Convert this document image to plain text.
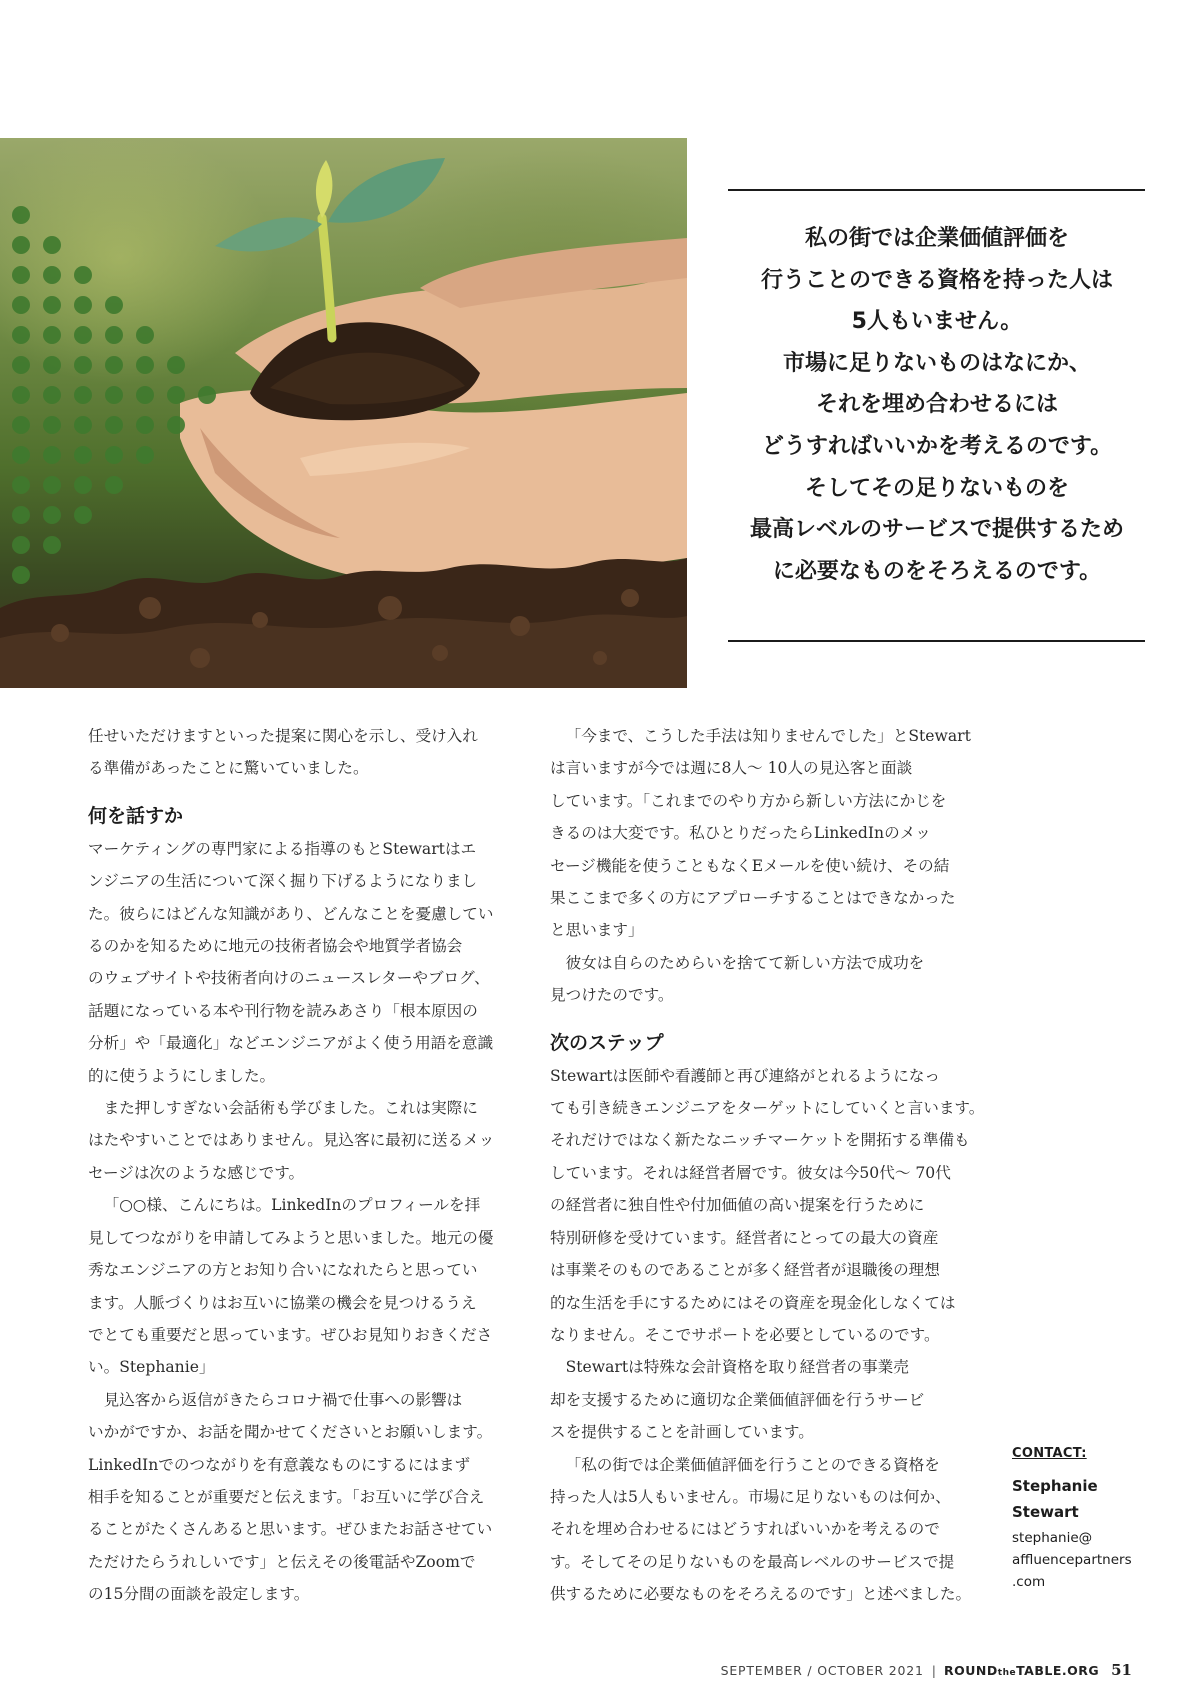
私の街では企業価値評価を
行うことのできる資格を持った人は
5人もいません。
市場に足りないものはなにか、
それを埋め合わせるには
どうすればいいかを考えるのです。
そしてその足りないものを
最高レベルのサービスで提供するため
に必要なものをそろえるのです。

任せいただけますといった提案に関心を示し、受け入れ
る準備があったことに驚いていました。

何を話すか

マーケティングの専門家による指導のもとStewartはエ
ンジニアの生活について深く掘り下げるようになりまし
た。彼らにはどんな知識があり、どんなことを憂慮してい
るのかを知るために地元の技術者協会や地質学者協会
のウェブサイトや技術者向けのニュースレターやブログ、
話題になっている本や刊行物を読みあさり「根本原因の
分析」や「最適化」などエンジニアがよく使う用語を意識
的に使うようにしました。

また押しすぎない会話術も学びました。これは実際に
はたやすいことではありません。見込客に最初に送るメッ
セージは次のような感じです。

「○○様、こんにちは。LinkedInのプロフィールを拝
見してつながりを申請してみようと思いました。地元の優
秀なエンジニアの方とお知り合いになれたらと思ってい
ます。人脈づくりはお互いに協業の機会を見つけるうえ
でとても重要だと思っています。ぜひお見知りおきくださ
い。Stephanie」

見込客から返信がきたらコロナ禍で仕事への影響は
いかがですか、お話を聞かせてくださいとお願いします。
LinkedInでのつながりを有意義なものにするにはまず
相手を知ることが重要だと伝えます。「お互いに学び合え
ることがたくさんあると思います。ぜひまたお話させてい
ただけたらうれしいです」と伝えその後電話やZoomで
の15分間の面談を設定します。

「今まで、こうした手法は知りませんでした」とStewart
は言いますが今では週に8人〜 10人の見込客と面談
しています。「これまでのやり方から新しい方法にかじを
きるのは大変です。私ひとりだったらLinkedInのメッ
セージ機能を使うこともなくEメールを使い続け、その結
果ここまで多くの方にアプローチすることはできなかった
と思います」

彼女は自らのためらいを捨てて新しい方法で成功を
見つけたのです。

次のステップ

Stewartは医師や看護師と再び連絡がとれるようになっ
ても引き続きエンジニアをターゲットにしていくと言います。
それだけではなく新たなニッチマーケットを開拓する準備も
しています。それは経営者層です。彼女は今50代〜 70代
の経営者に独自性や付加価値の高い提案を行うために
特別研修を受けています。経営者にとっての最大の資産
は事業そのものであることが多く経営者が退職後の理想
的な生活を手にするためにはその資産を現金化しなくては
なりません。そこでサポートを必要としているのです。

Stewartは特殊な会計資格を取り経営者の事業売
却を支援するために適切な企業価値評価を行うサービ
スを提供することを計画しています。

「私の街では企業価値評価を行うことのできる資格を
持った人は5人もいません。市場に足りないものは何か、
それを埋め合わせるにはどうすればいいかを考えるので
す。そしてその足りないものを最高レベルのサービスで提
供するために必要なものをそろえるのです」と述べました。

CONTACT:
Stephanie
Stewart
stephanie@
affluencepartners
.com
SEPTEMBER / OCTOBER 2021 | ROUNDtheTABLE.ORG 51
